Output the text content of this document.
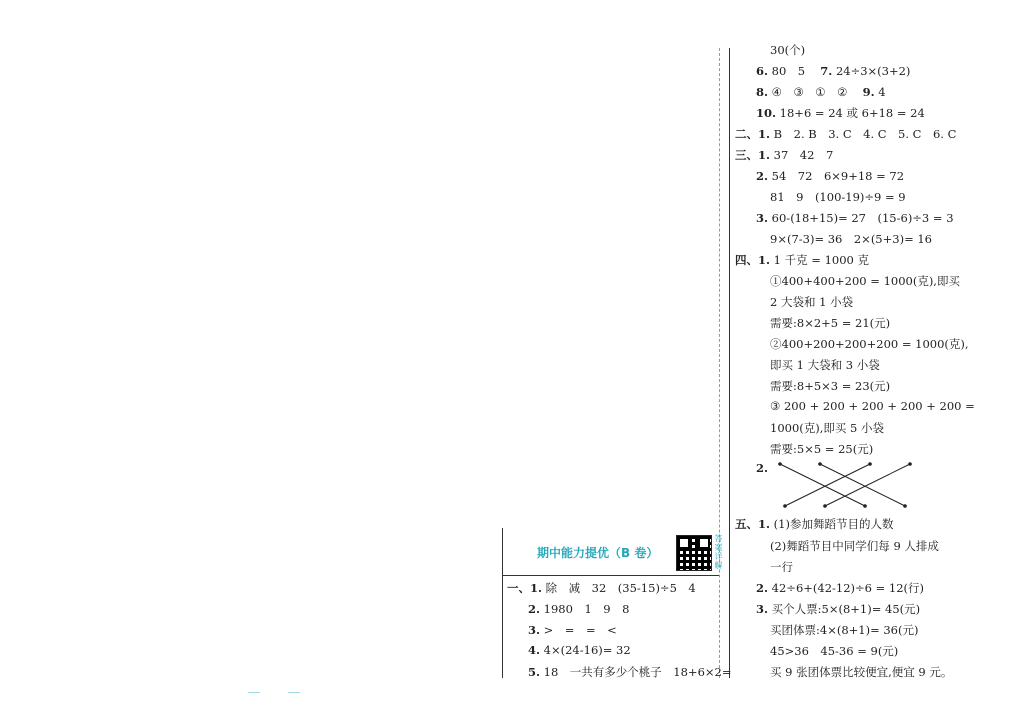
期中能力提优（B 卷）	答案详解
一、1. 除　减　32　(35-15)÷5　4
2. 1980　1　9　8
3. >　=　=　<
4. 4×(24-16)= 32
5. 18　一共有多少个桃子　18+6×2=
30(个)
6. 80　5　 7. 24÷3×(3+2)
8. ④　③　①　②　 9. 4
10. 18+6 = 24 或 6+18 = 24
二、1. B　2. B　3. C　4. C　5. C　6. C
三、1. 37　42　7
2. 54　72　6×9+18 = 72
81　9　(100-19)÷9 = 9
3. 60-(18+15)= 27　(15-6)÷3 = 3
9×(7-3)= 36　2×(5+3)= 16
四、1. 1 千克 = 1000 克
①400+400+200 = 1000(克),即买
2 大袋和 1 小袋
需要:8×2+5 = 21(元)
②400+200+200+200 = 1000(克),
即买 1 大袋和 3 小袋
需要:8+5×3 = 23(元)
③ 200 + 200 + 200 + 200 + 200 =
1000(克),即买 5 小袋
需要:5×5 = 25(元)
2.
五、1. (1)参加舞蹈节目的人数
(2)舞蹈节目中同学们每 9 人排成
一行
2. 42÷6+(42-12)÷6 = 12(行)
3. 买个人票:5×(8+1)= 45(元)
买团体票:4×(8+1)= 36(元)
45>36　45-36 = 9(元)
买 9 张团体票比较便宜,便宜 9 元。
